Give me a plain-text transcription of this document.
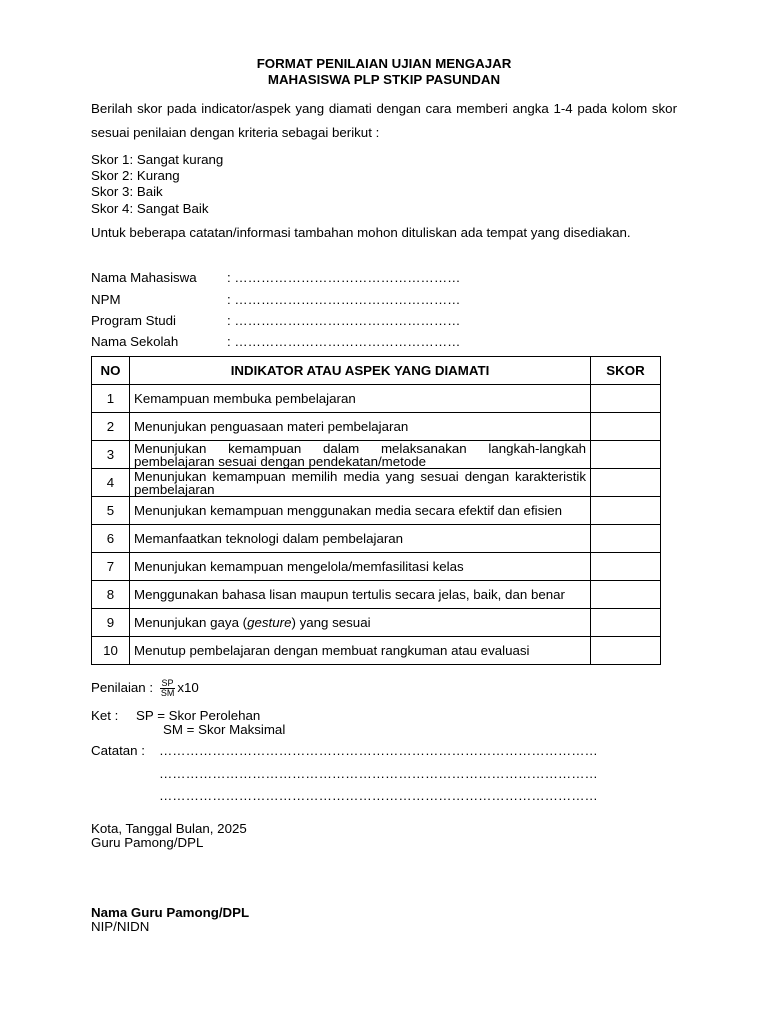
FORMAT PENILAIAN UJIAN MENGAJAR
MAHASISWA PLP STKIP PASUNDAN
Berilah skor pada indicator/aspek yang diamati dengan cara memberi angka 1-4 pada kolom skor sesuai penilaian dengan kriteria sebagai berikut :
Skor 1: Sangat kurang
Skor 2: Kurang
Skor 3: Baik
Skor 4: Sangat Baik
Untuk beberapa catatan/informasi tambahan mohon dituliskan ada tempat yang disediakan.
Nama Mahasiswa : ……………………………………………
NPM	: ……………………………………………
Program Studi	: ……………………………………………
Nama Sekolah	: ……………………………………………
NO	INDIKATOR ATAU ASPEK YANG DIAMATI	SKOR
1	Kemampuan membuka pembelajaran	
2	Menunjukan penguasaan materi pembelajaran	
3	Menunjukan kemampuan dalam melaksanakan langkah-langkah pembelajaran sesuai dengan pendekatan/metode	
4	Menunjukan kemampuan memilih media yang sesuai dengan karakteristik pembelajaran	
5	Menunjukan kemampuan menggunakan media secara efektif dan efisien	
6	Memanfaatkan teknologi dalam pembelajaran	
7	Menunjukan kemampuan mengelola/memfasilitasi kelas	
8	Menggunakan bahasa lisan maupun tertulis secara jelas, baik, dan benar	
9	Menunjukan gaya (gesture) yang sesuai	
10	Menutup pembelajaran dengan membuat rangkuman atau evaluasi	
Penilaian : $\frac{SP}{SM} x10$
Ket : SP = Skor Perolehan
SM = Skor Maksimal
Catatan : ………………………………………………………………………………………
………………………………………………………………………………………
………………………………………………………………………………………
Kota, Tanggal Bulan, 2025
Guru Pamong/DPL
Nama Guru Pamong/DPL
NIP/NIDN
